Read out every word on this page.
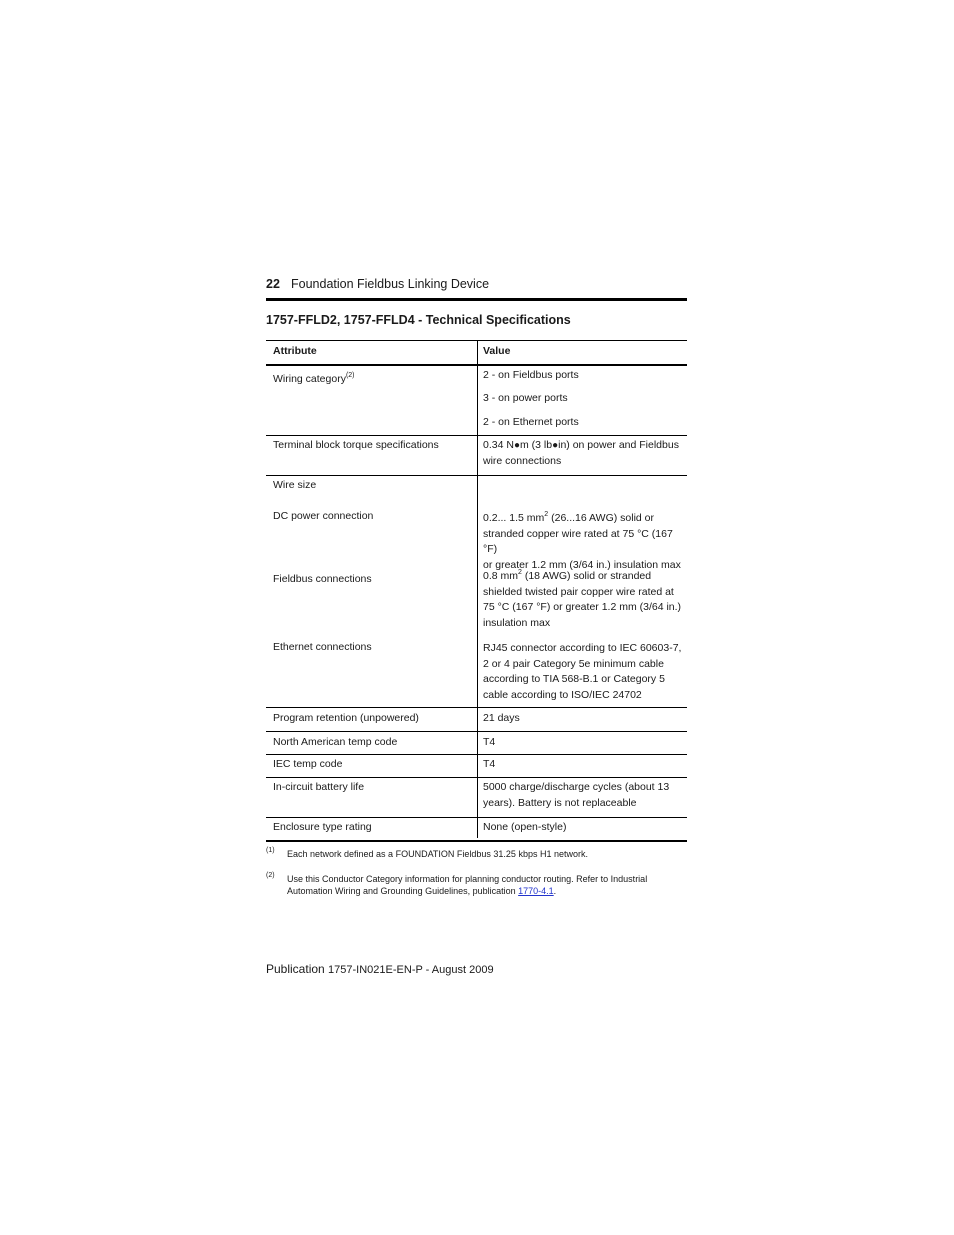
22 Foundation Fieldbus Linking Device
1757-FFLD2, 1757-FFLD4 - Technical Specifications
Attribute	Value
Wiring category$^{(2)}$	2 - on Fieldbus ports
3 - on power ports
2 - on Ethernet ports
Terminal block torque specifications	0.34 N●m (3 lb●in) on power and Fieldbus
wire connections
Wire size
DC power connection	0.2... 1.5 $mm^2$ (26...16 AWG) solid or
stranded copper wire rated at 75 °C (167 °F)
or greater 1.2 mm (3/64 in.) insulation max
Fieldbus connections	0.8 $mm^2$ (18 AWG) solid or stranded
shielded twisted pair copper wire rated at
75 °C (167 °F) or greater 1.2 mm (3/64 in.)
insulation max
Ethernet connections	RJ45 connector according to IEC 60603-7,
2 or 4 pair Category 5e minimum cable
according to TIA 568-B.1 or Category 5
cable according to ISO/IEC 24702
Program retention (unpowered)	21 days
North American temp code	T4
IEC temp code	T4
In-circuit battery life	5000 charge/discharge cycles (about 13
years). Battery is not replaceable
Enclosure type rating	None (open-style)
(1) Each network defined as a FOUNDATION Fieldbus 31.25 kbps H1 network.
(2) Use this Conductor Category information for planning conductor routing. Refer to Industrial
Automation Wiring and Grounding Guidelines, publication 1770-4.1.
Publication 1757-IN021E-EN-P - August 2009
